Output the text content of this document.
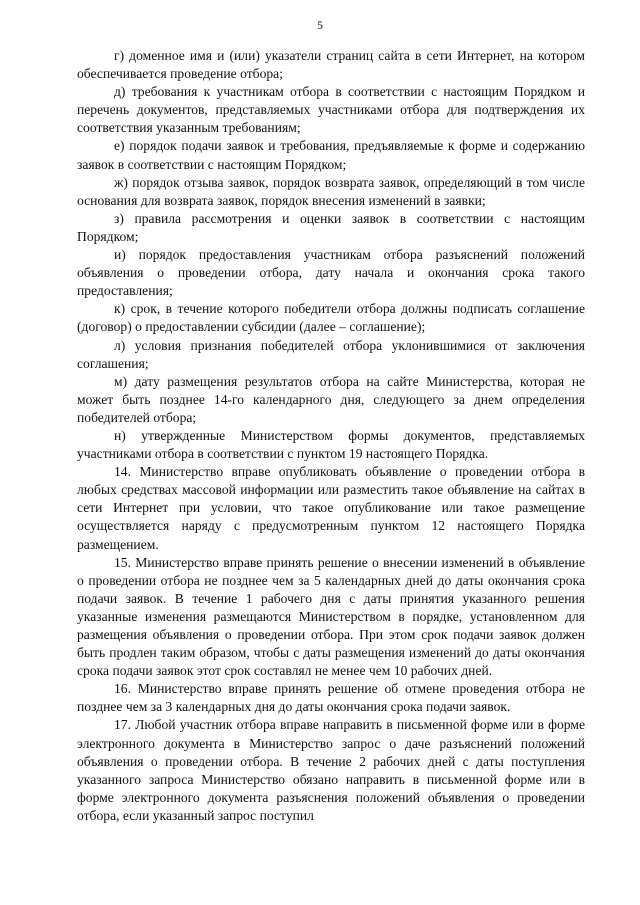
5

г) доменное имя и (или) указатели страниц сайта в сети Интернет, на котором обеспечивается проведение отбора;

д) требования к участникам отбора в соответствии с настоящим Порядком и перечень документов, представляемых участниками отбора для подтверждения их соответствия указанным требованиям;

е) порядок подачи заявок и требования, предъявляемые к форме и содержанию заявок в соответствии с настоящим Порядком;

ж) порядок отзыва заявок, порядок возврата заявок, определяющий в том числе основания для возврата заявок, порядок внесения изменений в заявки;

з) правила рассмотрения и оценки заявок в соответствии с настоящим Порядком;

и) порядок предоставления участникам отбора разъяснений положений объявления о проведении отбора, дату начала и окончания срока такого предоставления;

к) срок, в течение которого победители отбора должны подписать соглашение (договор) о предоставлении субсидии (далее – соглашение);

л) условия признания победителей отбора уклонившимися от заключения соглашения;

м) дату размещения результатов отбора на сайте Министерства, которая не может быть позднее 14-го календарного дня, следующего за днем определения победителей отбора;

н) утвержденные Министерством формы документов, представляемых участниками отбора в соответствии с пунктом 19 настоящего Порядка.

14. Министерство вправе опубликовать объявление о проведении отбора в любых средствах массовой информации или разместить такое объявление на сайтах в сети Интернет при условии, что такое опубликование или такое размещение осуществляется наряду с предусмотренным пунктом 12 настоящего Порядка размещением.

15. Министерство вправе принять решение о внесении изменений в объявление о проведении отбора не позднее чем за 5 календарных дней до даты окончания срока подачи заявок. В течение 1 рабочего дня с даты принятия указанного решения указанные изменения размещаются Министерством в порядке, установленном для размещения объявления о проведении отбора. При этом срок подачи заявок должен быть продлен таким образом, чтобы с даты размещения изменений до даты окончания срока подачи заявок этот срок составлял не менее чем 10 рабочих дней.

16. Министерство вправе принять решение об отмене проведения отбора не позднее чем за 3 календарных дня до даты окончания срока подачи заявок.

17. Любой участник отбора вправе направить в письменной форме или в форме электронного документа в Министерство запрос о даче разъяснений положений объявления о проведении отбора. В течение 2 рабочих дней с даты поступления указанного запроса Министерство обязано направить в письменной форме или в форме электронного документа разъяснения положений объявления о проведении отбора, если указанный запрос поступил
